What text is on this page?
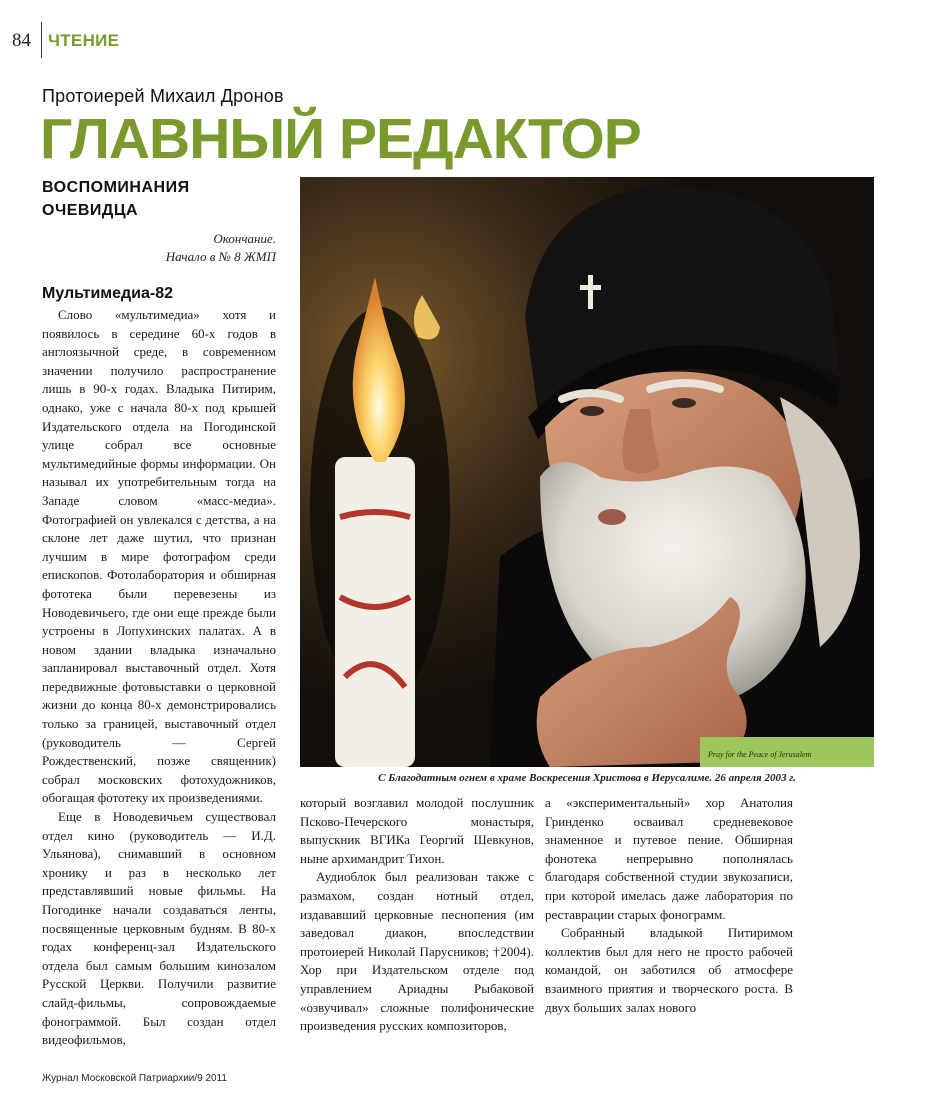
84 ЧТЕНИЕ
Протоиерей Михаил Дронов
ГЛАВНЫЙ РЕДАКТОР
ВОСПОМИНАНИЯ
ОЧЕВИДЦА
Окончание.
Начало в № 8 ЖМП
Мультимедиа-82

Слово «мультимедиа» хотя и появилось в середине 60-х годов в англоязычной среде, в современном значении получило распространение лишь в 90-х годах. Владыка Питирим, однако, уже с начала 80-х под крышей Издательского отдела на Погодинской улице собрал все основные мультимедийные формы информации. Он называл их употребительным тогда на Западе словом «масс-медиа». Фотографией он увлекался с детства, а на склоне лет даже шутил, что признан лучшим в мире фотографом среди епископов. Фотолаборатория и обширная фототека были перевезены из Новодевичьего, где они еще прежде были устроены в Лопухинских палатах. А в новом здании владыка изначально запланировал выставочный отдел. Хотя передвижные фотовыставки о церковной жизни до конца 80-х демонстрировались только за границей, выставочный отдел (руководитель — Сергей Рождественский, позже священник) собрал московских фотохудожников, обогащая фототеку их произведениями.

Еще в Новодевичьем существовал отдел кино (руководитель — И.Д. Ульянова), снимавший в основном хронику и раз в несколько лет представлявший новые фильмы. На Погодинке начали создаваться ленты, посвященные церковным будням. В 80-х годах конференц-зал Издательского отдела был самым большим кинозалом Русской Церкви. Получили развитие слайд-фильмы, сопровождаемые фонограммой. Был создан отдел видеофильмов,

Pray for the Peace of Jerusalem
С Благодатным огнем в храме Воскресения Христова в Иерусалиме. 26 апреля 2003 г.

который возглавил молодой послушник Псково-Печерского монастыря, выпускник ВГИКа Георгий Шевкунов, ныне архимандрит Тихон.

Аудиоблок был реализован также с размахом, создан нотный отдел, издававший церковные песнопения (им заведовал диакон, впоследствии протоиерей Николай Парусников; †2004). Хор при Издательском отделе под управлением Ариадны Рыбаковой «озвучивал» сложные полифонические произведения русских композиторов,

а «экспериментальный» хор Анатолия Гринденко осваивал средневековое знаменное и путевое пение. Обширная фонотека непрерывно пополнялась благодаря собственной студии звукозаписи, при которой имелась даже лаборатория по реставрации старых фонограмм.

Собранный владыкой Питиримом коллектив был для него не просто рабочей командой, он заботился об атмосфере взаимного приятия и творческого роста. В двух больших залах нового

Журнал Московской Патриархии/9 2011
